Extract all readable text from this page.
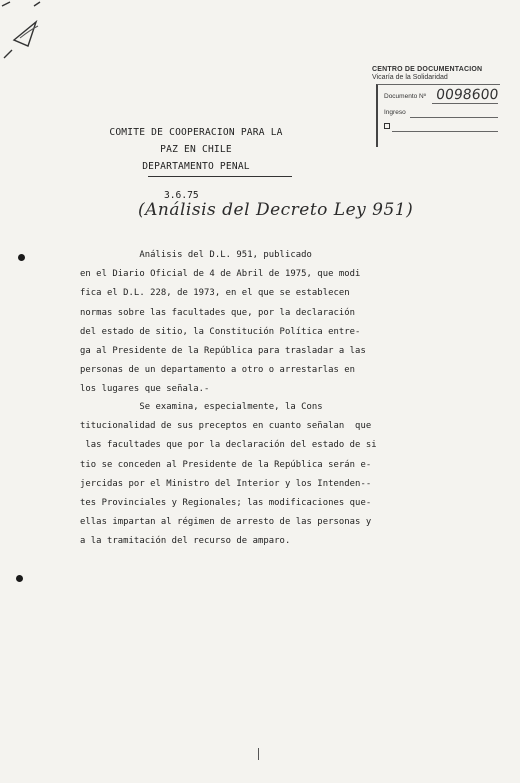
CENTRO DE DOCUMENTACION
Vicaría de la Solidaridad
Documento Nº 0098600
Ingreso
COMITE DE COOPERACION PARA LA
PAZ EN CHILE
DEPARTAMENTO PENAL
3.6.75
(Análisis del Decreto Ley 951)
Análisis del D.L. 951, publicado
en el Diario Oficial de 4 de Abril de 1975, que modi
fica el D.L. 228, de 1973, en el que se establecen
normas sobre las facultades que, por la declaración
del estado de sitio, la Constitución Política entre-
ga al Presidente de la República para trasladar a las
personas de un departamento a otro o arrestarlas en
los lugares que señala.-
Se examina, especialmente, la Cons
titucionalidad de sus preceptos en cuanto señalan  que
las facultades que por la declaración del estado de si
tio se conceden al Presidente de la República serán e-
jercidas por el Ministro del Interior y los Intenden--
tes Provinciales y Regionales; las modificaciones que-
ellas impartan al régimen de arresto de las personas y
a la tramitación del recurso de amparo.
